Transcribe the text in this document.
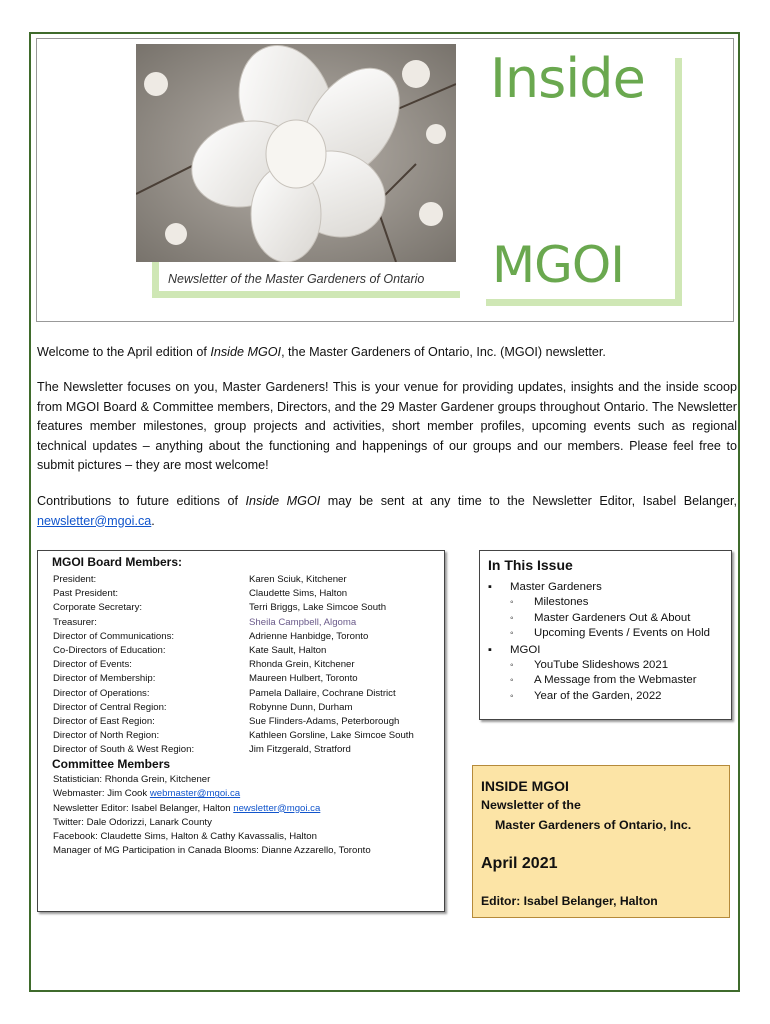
Newsletter of the Master Gardeners of Ontario
Inside
MGOI
Welcome to the April edition of Inside MGOI, the Master Gardeners of Ontario, Inc. (MGOI) newsletter.
The Newsletter focuses on you, Master Gardeners! This is your venue for providing updates, insights and the inside scoop from MGOI Board & Committee members, Directors, and the 29 Master Gardener groups throughout Ontario. The Newsletter features member milestones, group projects and activities, short member profiles, upcoming events such as regional technical updates – anything about the functioning and happenings of our groups and our members. Please feel free to submit pictures – they are most welcome!
Contributions to future editions of Inside MGOI may be sent at any time to the Newsletter Editor, Isabel Belanger, newsletter@mgoi.ca.
MGOI Board Members:
President:
Past President:
Corporate Secretary:
Treasurer:
Director of Communications:
Co-Directors of Education:
Director of Events:
Director of Membership:
Director of Operations:
Director of Central Region:
Director of East Region:
Director of North Region:
Director of South & West Region:
Karen Sciuk, Kitchener
Claudette Sims, Halton
Terri Briggs, Lake Simcoe South
Sheila Campbell, Algoma
Adrienne Hanbidge, Toronto
Kate Sault, Halton
Rhonda Grein, Kitchener
Maureen Hulbert, Toronto
Pamela Dallaire, Cochrane District
Robynne Dunn, Durham
Sue Flinders-Adams, Peterborough
Kathleen Gorsline, Lake Simcoe South
Jim Fitzgerald, Stratford
Committee Members
Statistician: Rhonda Grein, Kitchener
Webmaster: Jim Cook webmaster@mgoi.ca
Newsletter Editor: Isabel Belanger, Halton newsletter@mgoi.ca
Twitter: Dale Odorizzi, Lanark County
Facebook: Claudette Sims, Halton & Cathy Kavassalis, Halton
Manager of MG Participation in Canada Blooms: Dianne Azzarello, Toronto
In This Issue
▪ Master Gardeners
◦ Milestones
◦ Master Gardeners Out & About
◦ Upcoming Events / Events on Hold
▪ MGOI
◦ YouTube Slideshows 2021
◦ A Message from the Webmaster
◦ Year of the Garden, 2022
INSIDE MGOI
Newsletter of the
Master Gardeners of Ontario, Inc.
April 2021
Editor: Isabel Belanger, Halton
